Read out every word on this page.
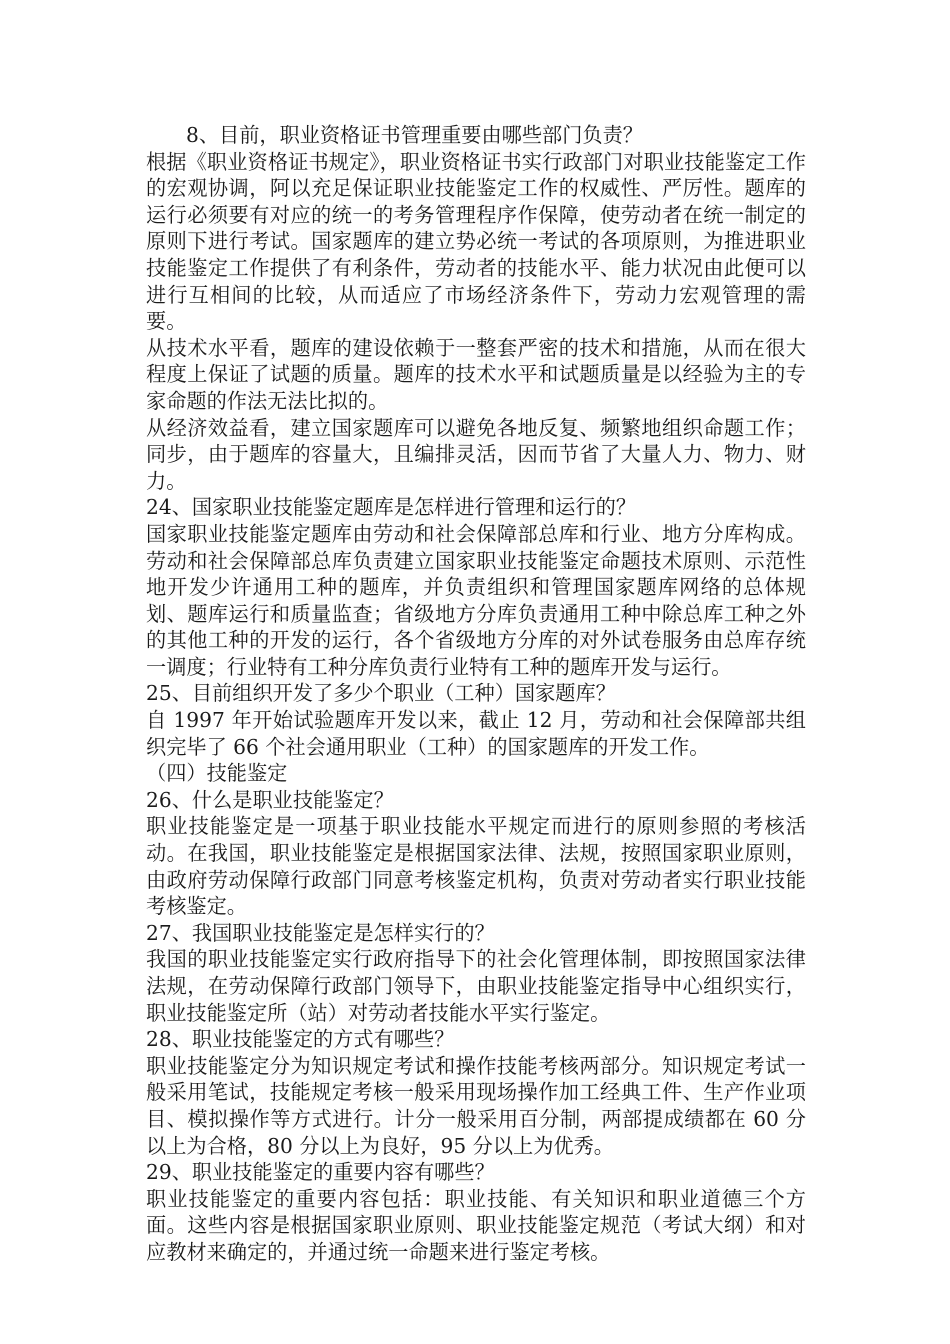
8、目前，职业资格证书管理重要由哪些部门负责？

根据《职业资格证书规定》，职业资格证书实行政部门对职业技能鉴定工作的宏观协调，阿以充足保证职业技能鉴定工作的权威性、严厉性。题库的运行必须要有对应的统一的考务管理程序作保障，使劳动者在统一制定的原则下进行考试。国家题库的建立势必统一考试的各项原则，为推进职业技能鉴定工作提供了有利条件，劳动者的技能水平、能力状况由此便可以进行互相间的比较，从而适应了市场经济条件下，劳动力宏观管理的需要。

从技术水平看，题库的建设依赖于一整套严密的技术和措施，从而在很大程度上保证了试题的质量。题库的技术水平和试题质量是以经验为主的专家命题的作法无法比拟的。

从经济效益看，建立国家题库可以避免各地反复、频繁地组织命题工作；同步，由于题库的容量大，且编排灵活，因而节省了大量人力、物力、财力。

24、国家职业技能鉴定题库是怎样进行管理和运行的？

国家职业技能鉴定题库由劳动和社会保障部总库和行业、地方分库构成。劳动和社会保障部总库负责建立国家职业技能鉴定命题技术原则、示范性地开发少许通用工种的题库，并负责组织和管理国家题库网络的总体规划、题库运行和质量监查；省级地方分库负责通用工种中除总库工种之外的其他工种的开发的运行，各个省级地方分库的对外试卷服务由总库存统一调度；行业特有工种分库负责行业特有工种的题库开发与运行。

25、目前组织开发了多少个职业（工种）国家题库？

自 1997 年开始试验题库开发以来，截止 12 月，劳动和社会保障部共组织完毕了 66 个社会通用职业（工种）的国家题库的开发工作。

（四）技能鉴定

26、什么是职业技能鉴定？

职业技能鉴定是一项基于职业技能水平规定而进行的原则参照的考核活动。在我国，职业技能鉴定是根据国家法律、法规，按照国家职业原则，由政府劳动保障行政部门同意考核鉴定机构，负责对劳动者实行职业技能考核鉴定。

27、我国职业技能鉴定是怎样实行的？

我国的职业技能鉴定实行政府指导下的社会化管理体制，即按照国家法律法规，在劳动保障行政部门领导下，由职业技能鉴定指导中心组织实行，职业技能鉴定所（站）对劳动者技能水平实行鉴定。

28、职业技能鉴定的方式有哪些？

职业技能鉴定分为知识规定考试和操作技能考核两部分。知识规定考试一般采用笔试，技能规定考核一般采用现场操作加工经典工件、生产作业项目、模拟操作等方式进行。计分一般采用百分制，两部提成绩都在 60 分以上为合格，80 分以上为良好，95 分以上为优秀。

29、职业技能鉴定的重要内容有哪些？

职业技能鉴定的重要内容包括：职业技能、有关知识和职业道德三个方面。这些内容是根据国家职业原则、职业技能鉴定规范（考试大纲）和对应教材来确定的，并通过统一命题来进行鉴定考核。
